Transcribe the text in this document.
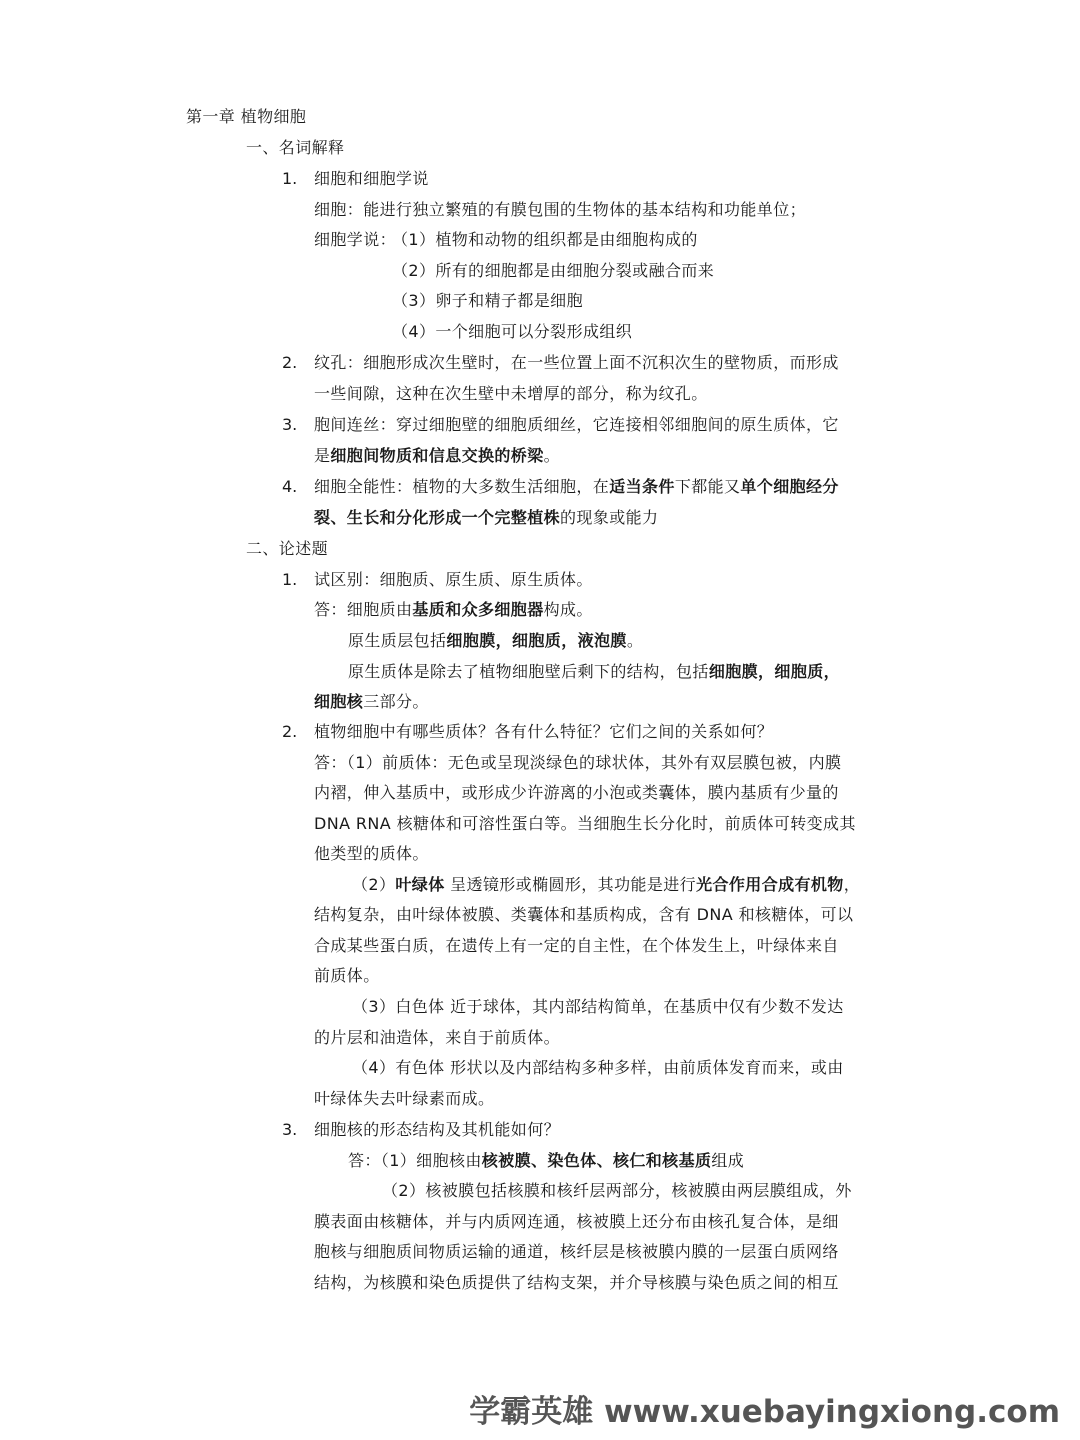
第一章 植物细胞
一、名词解释
1. 细胞和细胞学说
细胞：能进行独立繁殖的有膜包围的生物体的基本结构和功能单位；
细胞学说：
（1）植物和动物的组织都是由细胞构成的
（2）所有的细胞都是由细胞分裂或融合而来
（3）卵子和精子都是细胞
（4）一个细胞可以分裂形成组织
2. 纹孔：细胞形成次生壁时，在一些位置上面不沉积次生的壁物质，而形成
一些间隙，这种在次生壁中未增厚的部分，称为纹孔。
3. 胞间连丝：穿过细胞壁的细胞质细丝，它连接相邻细胞间的原生质体，它
是细胞间物质和信息交换的桥梁。
4. 细胞全能性：植物的大多数生活细胞，在适当条件下都能又单个细胞经分
裂、生长和分化形成一个完整植株的现象或能力
二、论述题
1. 试区别：细胞质、原生质、原生质体。
答：细胞质由基质和众多细胞器构成。
原生质层包括细胞膜，细胞质，液泡膜。
原生质体是除去了植物细胞壁后剩下的结构，包括细胞膜，细胞质，
细胞核三部分。
2. 植物细胞中有哪些质体？各有什么特征？它们之间的关系如何？
答：（1）前质体：无色或呈现淡绿色的球状体，其外有双层膜包被，内膜
内褶，伸入基质中，或形成少许游离的小泡或类囊体，膜内基质有少量的
DNA RNA 核糖体和可溶性蛋白等。当细胞生长分化时，前质体可转变成其
他类型的质体。
（2）叶绿体 呈透镜形或椭圆形，其功能是进行光合作用合成有机物，
结构复杂，由叶绿体被膜、类囊体和基质构成，含有 DNA 和核糖体，可以
合成某些蛋白质，在遗传上有一定的自主性，在个体发生上，叶绿体来自
前质体。
（3）白色体 近于球体，其内部结构简单，在基质中仅有少数不发达
的片层和油造体，来自于前质体。
（4）有色体 形状以及内部结构多种多样，由前质体发育而来，或由
叶绿体失去叶绿素而成。
3. 细胞核的形态结构及其机能如何？
答：（1）细胞核由核被膜、染色体、核仁和核基质组成
（2）核被膜包括核膜和核纤层两部分，核被膜由两层膜组成，外
膜表面由核糖体，并与内质网连通，核被膜上还分布由核孔复合体，是细
胞核与细胞质间物质运输的通道，核纤层是核被膜内膜的一层蛋白质网络
结构，为核膜和染色质提供了结构支架，并介导核膜与染色质之间的相互
学霸英雄 www.xuebayingxiong.com
